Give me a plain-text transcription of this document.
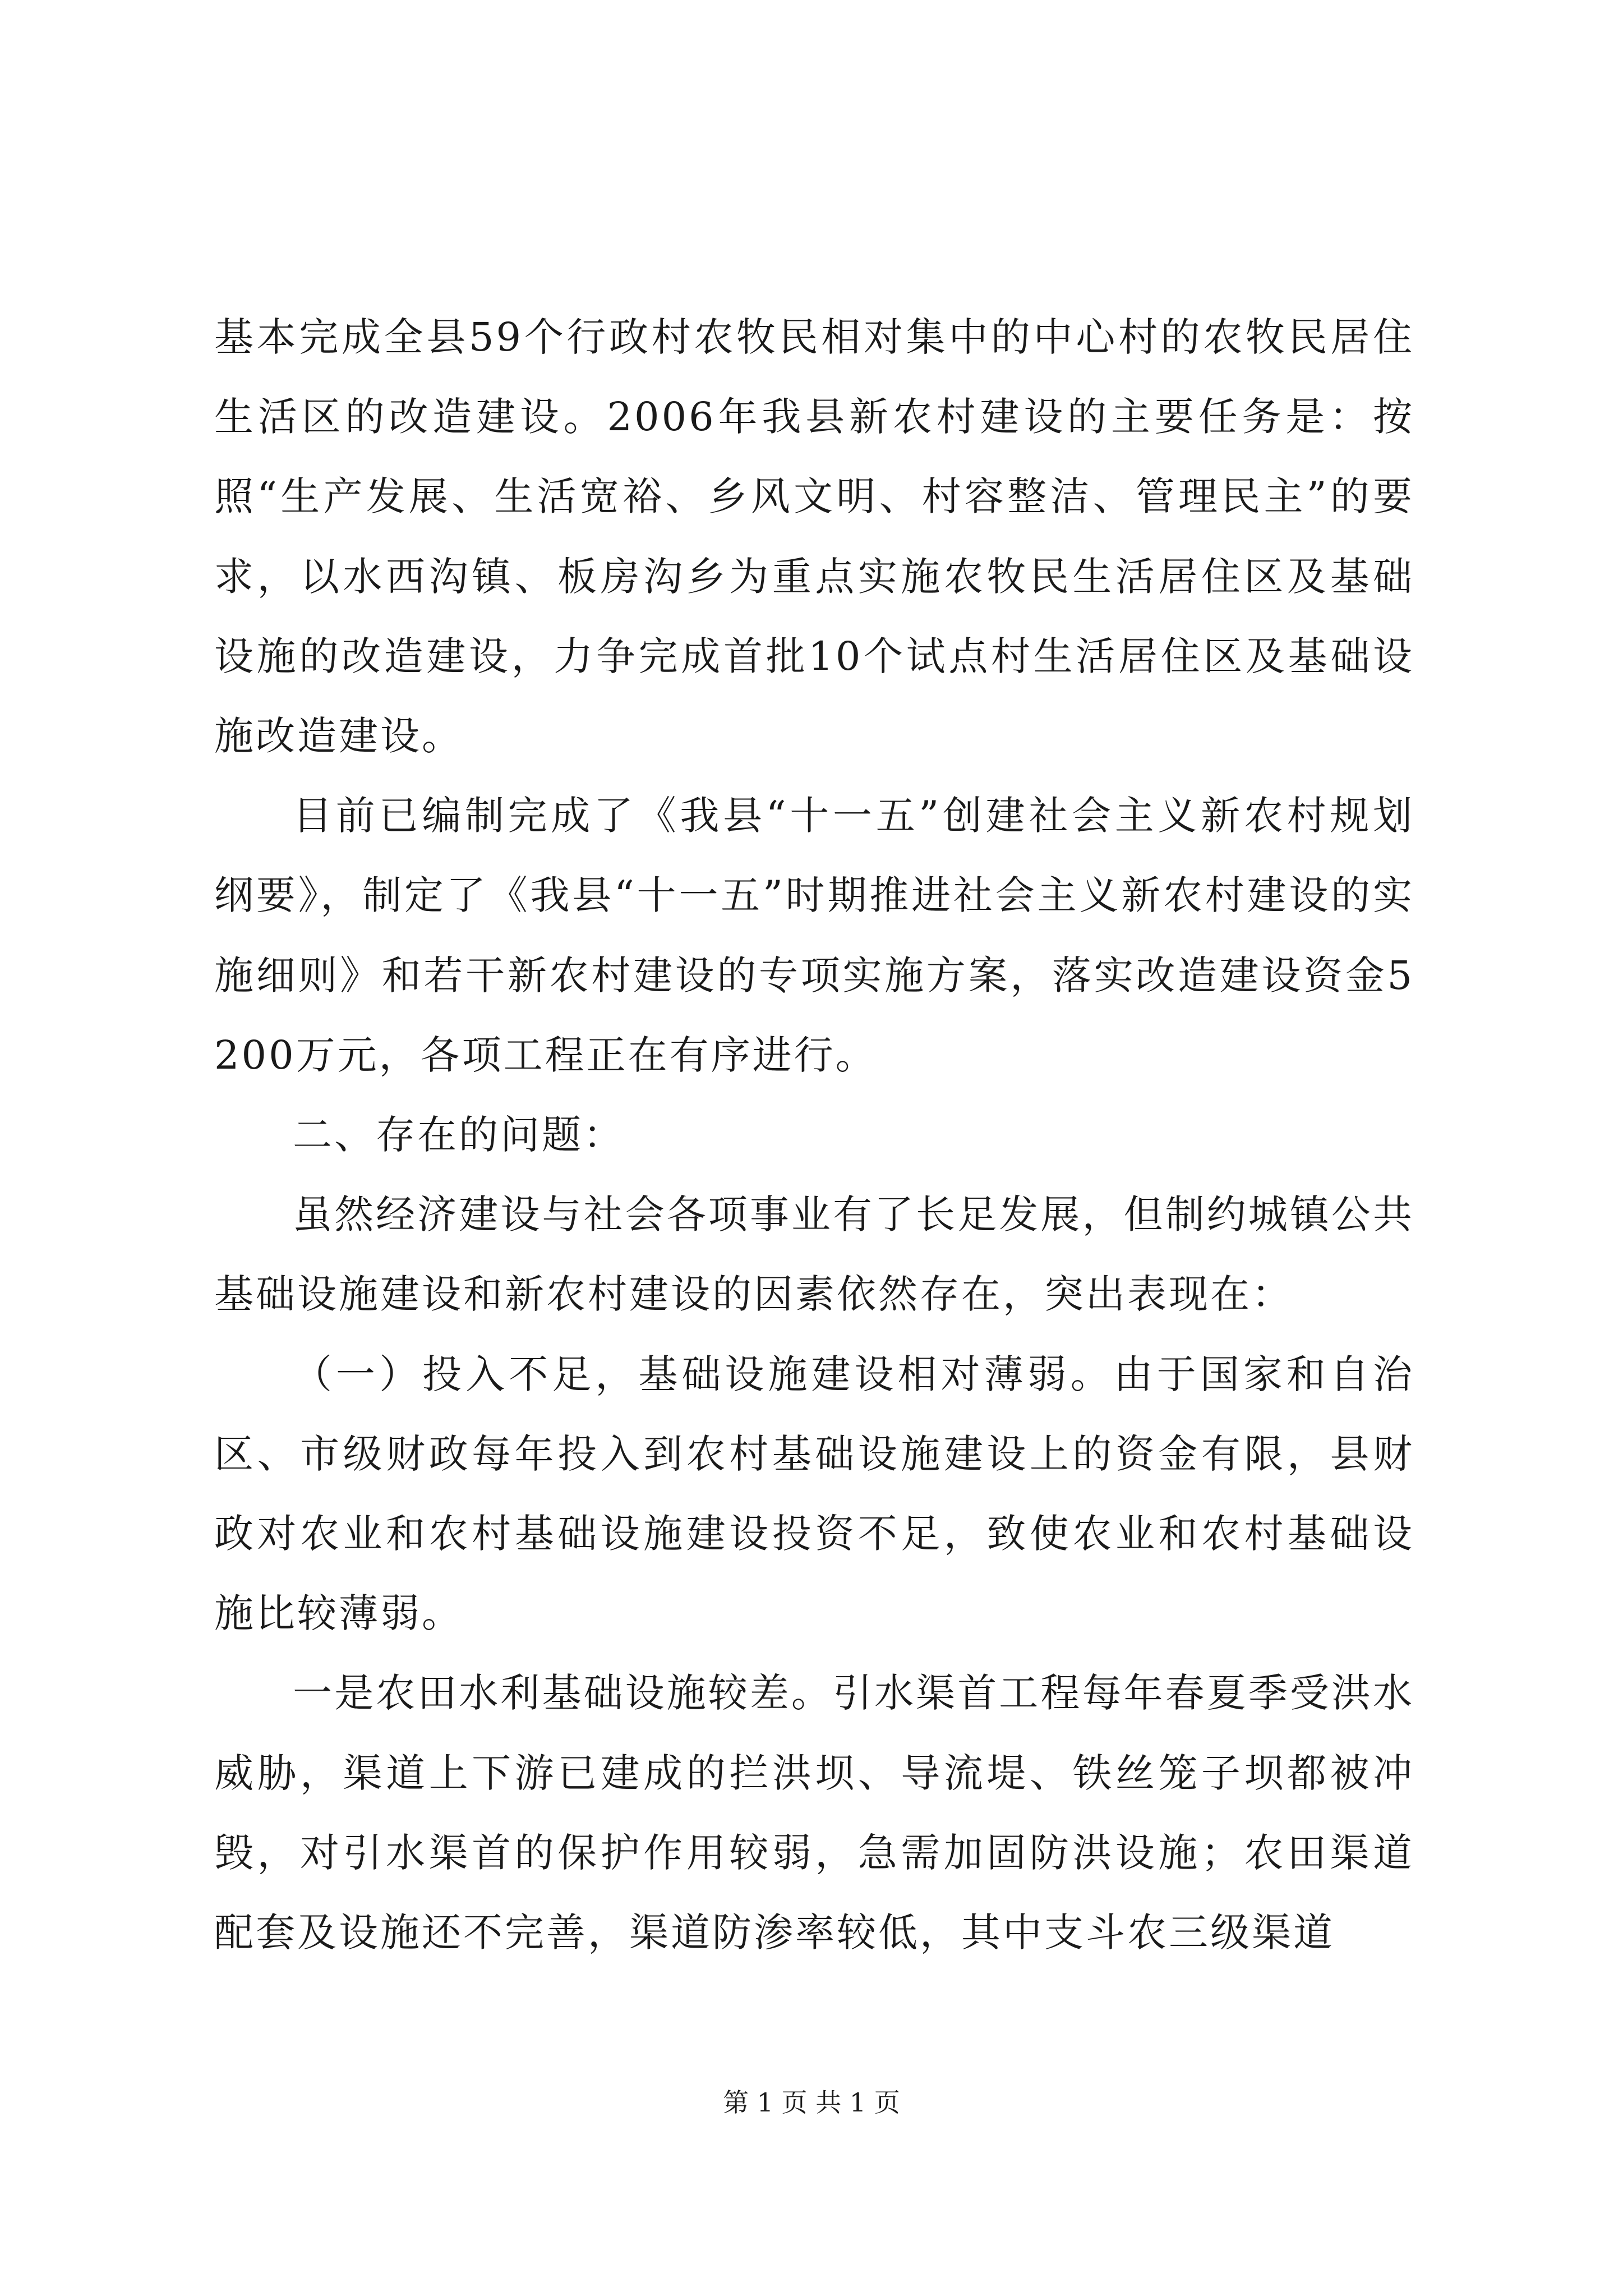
基本完成全县59个行政村农牧民相对集中的中心村的农牧民居住生活区的改造建设。2006年我县新农村建设的主要任务是：按照“生产发展、生活宽裕、乡风文明、村容整洁、管理民主”的要求，以水西沟镇、板房沟乡为重点实施农牧民生活居住区及基础设施的改造建设，力争完成首批10个试点村生活居住区及基础设施改造建设。

目前已编制完成了《我县“十一五”创建社会主义新农村规划纲要》，制定了《我县“十一五”时期推进社会主义新农村建设的实施细则》和若干新农村建设的专项实施方案，落实改造建设资金5200万元，各项工程正在有序进行。

二、存在的问题：

虽然经济建设与社会各项事业有了长足发展，但制约城镇公共基础设施建设和新农村建设的因素依然存在，突出表现在：

（一）投入不足，基础设施建设相对薄弱。由于国家和自治区、市级财政每年投入到农村基础设施建设上的资金有限，县财政对农业和农村基础设施建设投资不足，致使农业和农村基础设施比较薄弱。

一是农田水利基础设施较差。引水渠首工程每年春夏季受洪水威胁，渠道上下游已建成的拦洪坝、导流堤、铁丝笼子坝都被冲毁，对引水渠首的保护作用较弱，急需加固防洪设施；农田渠道配套及设施还不完善，渠道防渗率较低，其中支斗农三级渠道

第 1 页 共 1 页
